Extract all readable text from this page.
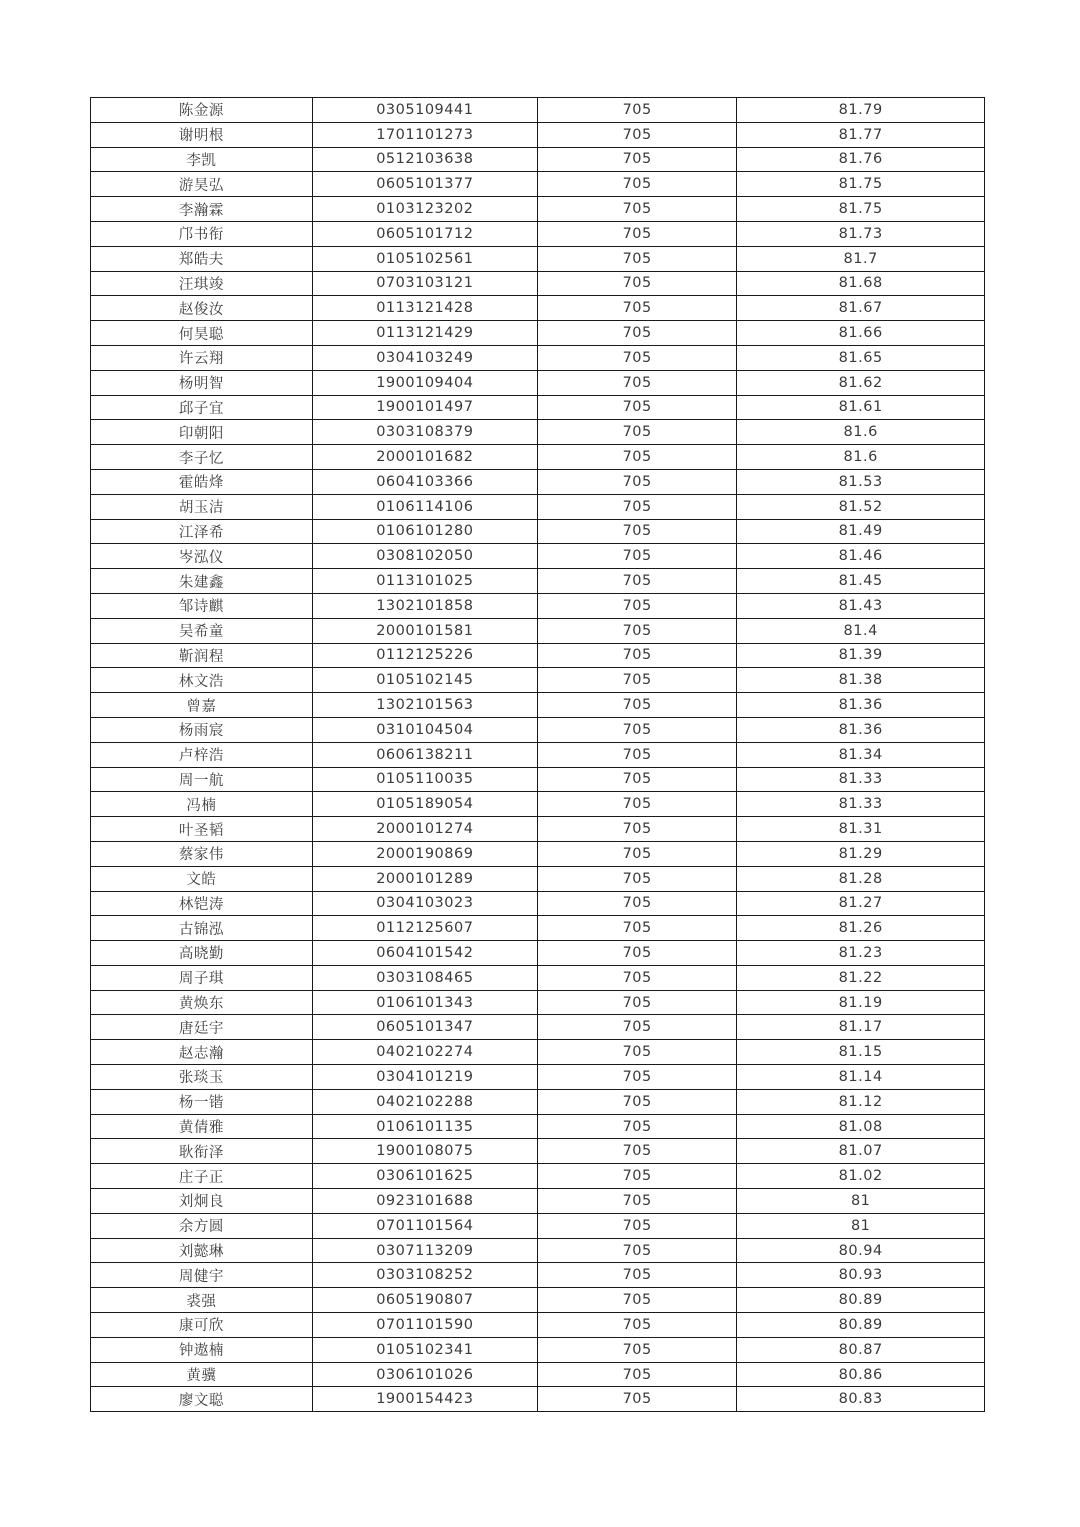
陈金源	0305109441	705	81.79
谢明根	1701101273	705	81.77
李凯	0512103638	705	81.76
游昊弘	0605101377	705	81.75
李瀚霖	0103123202	705	81.75
邝书衔	0605101712	705	81.73
郑皓夫	0105102561	705	81.7
汪琪竣	0703103121	705	81.68
赵俊汝	0113121428	705	81.67
何昊聪	0113121429	705	81.66
许云翔	0304103249	705	81.65
杨明智	1900109404	705	81.62
邱子宜	1900101497	705	81.61
印朝阳	0303108379	705	81.6
李子忆	2000101682	705	81.6
霍皓烽	0604103366	705	81.53
胡玉洁	0106114106	705	81.52
江泽希	0106101280	705	81.49
岑泓仪	0308102050	705	81.46
朱建鑫	0113101025	705	81.45
邹诗麒	1302101858	705	81.43
吴希童	2000101581	705	81.4
靳润程	0112125226	705	81.39
林文浩	0105102145	705	81.38
曾嘉	1302101563	705	81.36
杨雨宸	0310104504	705	81.36
卢梓浩	0606138211	705	81.34
周一航	0105110035	705	81.33
冯楠	0105189054	705	81.33
叶圣韬	2000101274	705	81.31
蔡家伟	2000190869	705	81.29
文皓	2000101289	705	81.28
林铠涛	0304103023	705	81.27
古锦泓	0112125607	705	81.26
高晓勤	0604101542	705	81.23
周子琪	0303108465	705	81.22
黄焕东	0106101343	705	81.19
唐廷宇	0605101347	705	81.17
赵志瀚	0402102274	705	81.15
张琰玉	0304101219	705	81.14
杨一锴	0402102288	705	81.12
黄倩雅	0106101135	705	81.08
耿衔泽	1900108075	705	81.07
庄子正	0306101625	705	81.02
刘炯良	0923101688	705	81
余方圆	0701101564	705	81
刘懿琳	0307113209	705	80.94
周健宇	0303108252	705	80.93
裘强	0605190807	705	80.89
康可欣	0701101590	705	80.89
钟遨楠	0105102341	705	80.87
黄骥	0306101026	705	80.86
廖文聪	1900154423	705	80.83
